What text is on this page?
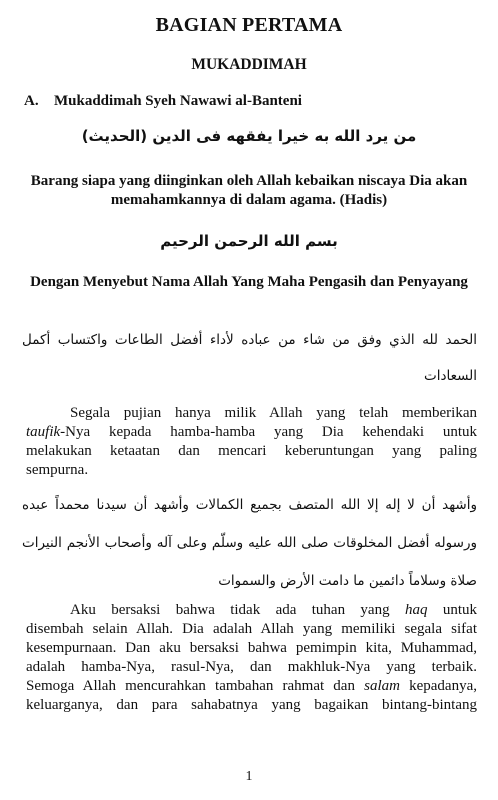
BAGIAN PERTAMA
MUKADDIMAH
A. Mukaddimah Syeh Nawawi al-Banteni
من يرد الله به خيرا يفقهه فى الدين (الحديث)
Barang siapa yang diinginkan oleh Allah kebaikan niscaya Dia akan memahamkannya di dalam agama. (Hadis)
بسم الله الرحمن الرحيم
Dengan Menyebut Nama Allah Yang Maha Pengasih dan Penyayang
الحمد لله الذي وفق من شاء من عباده لأداء أفضل الطاعات واكتساب أكمل السعادات
Segala pujian hanya milik Allah yang telah memberikan
taufik-Nya kepada hamba-hamba yang Dia kehendaki untuk
melakukan ketaatan dan mencari keberuntungan yang paling
sempurna.
وأشهد أن لا إله إلا الله المتصف بجميع الكمالات وأشهد أن سيدنا محمداً عبده ورسوله أفضل المخلوقات صلى الله عليه وسلّم وعلى آله وأصحاب الأنجم النيرات صلاة وسلاماً دائمين ما دامت الأرض والسموات
Aku bersaksi bahwa tidak ada tuhan yang haq untuk
disembah selain Allah. Dia adalah Allah yang memiliki segala sifat
kesempurnaan. Dan aku bersaksi bahwa pemimpin kita, Muhammad,
adalah hamba-Nya, rasul-Nya, dan makhluk-Nya yang terbaik.
Semoga Allah mencurahkan tambahan rahmat dan salam kepadanya,
keluarganya, dan para sahabatnya yang bagaikan bintang-bintang
1
